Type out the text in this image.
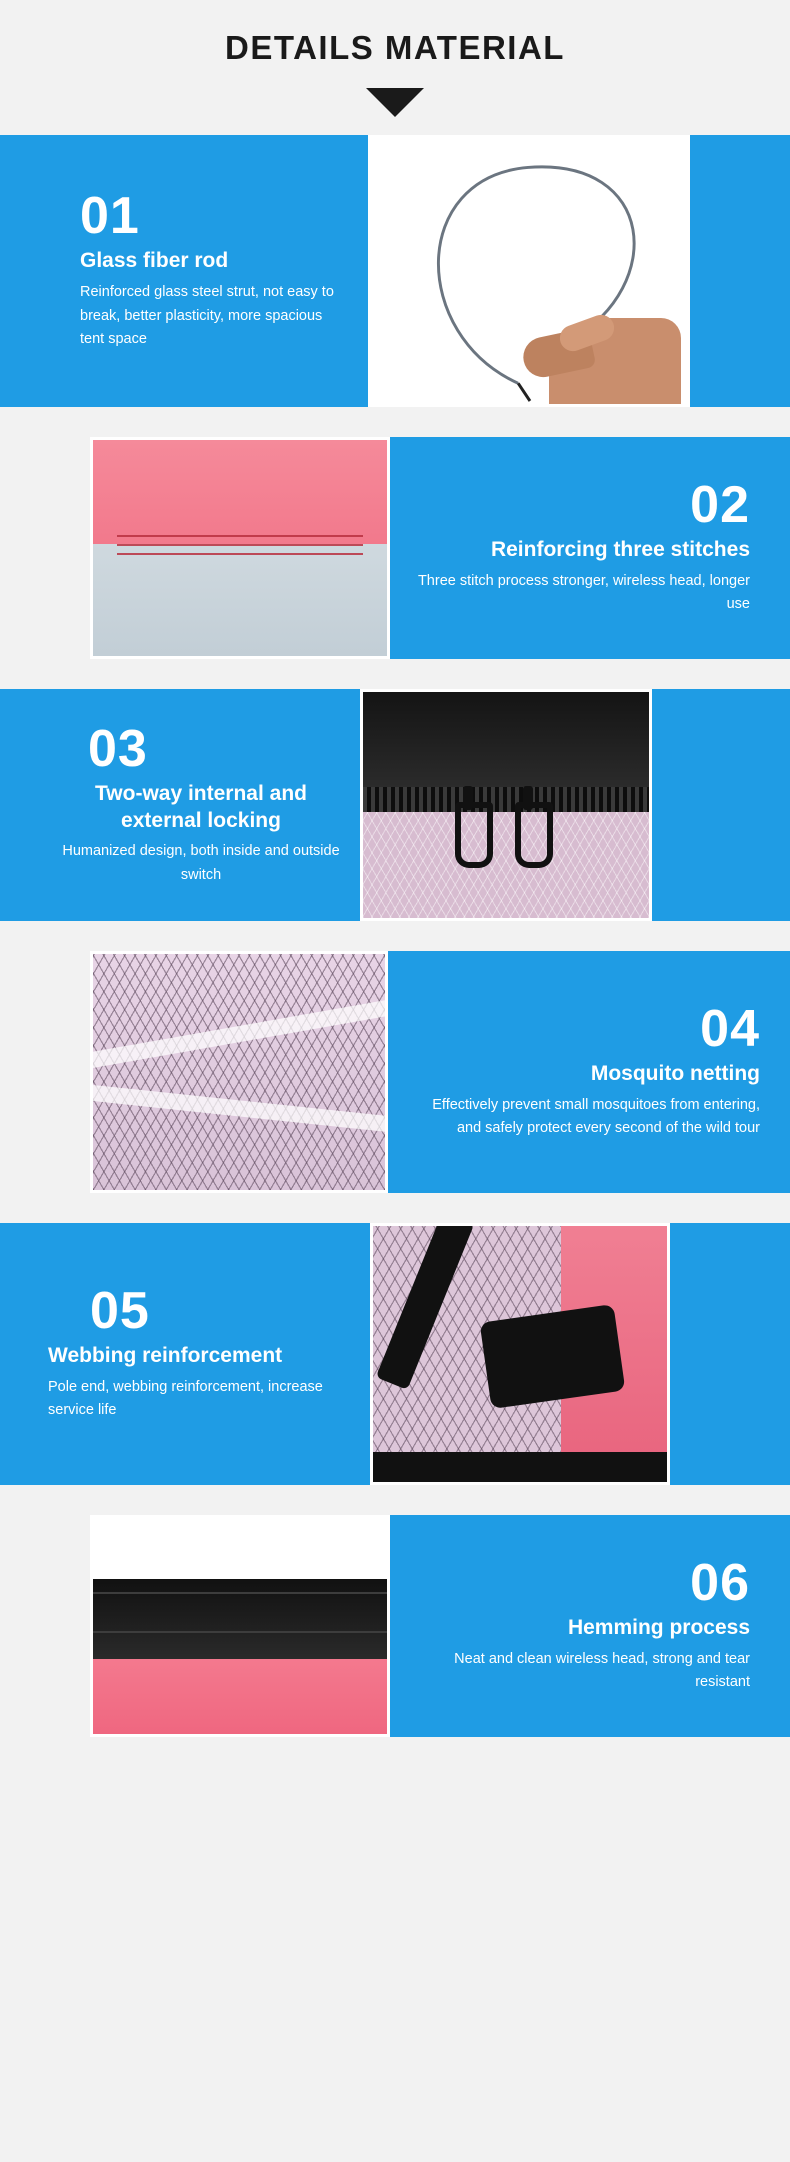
DETAILS MATERIAL
01
Glass fiber rod
Reinforced glass steel strut, not easy to break, better plasticity, more spacious tent space
02
Reinforcing three stitches
Three stitch process stronger, wireless head, longer use
03
Two-way internal and external locking
Humanized design, both inside and outside switch
04
Mosquito netting
Effectively prevent small mosquitoes from entering, and safely protect every second of the wild tour
05
Webbing reinforcement
Pole end, webbing reinforcement, increase service life
06
Hemming process
Neat and clean wireless head, strong and tear resistant
